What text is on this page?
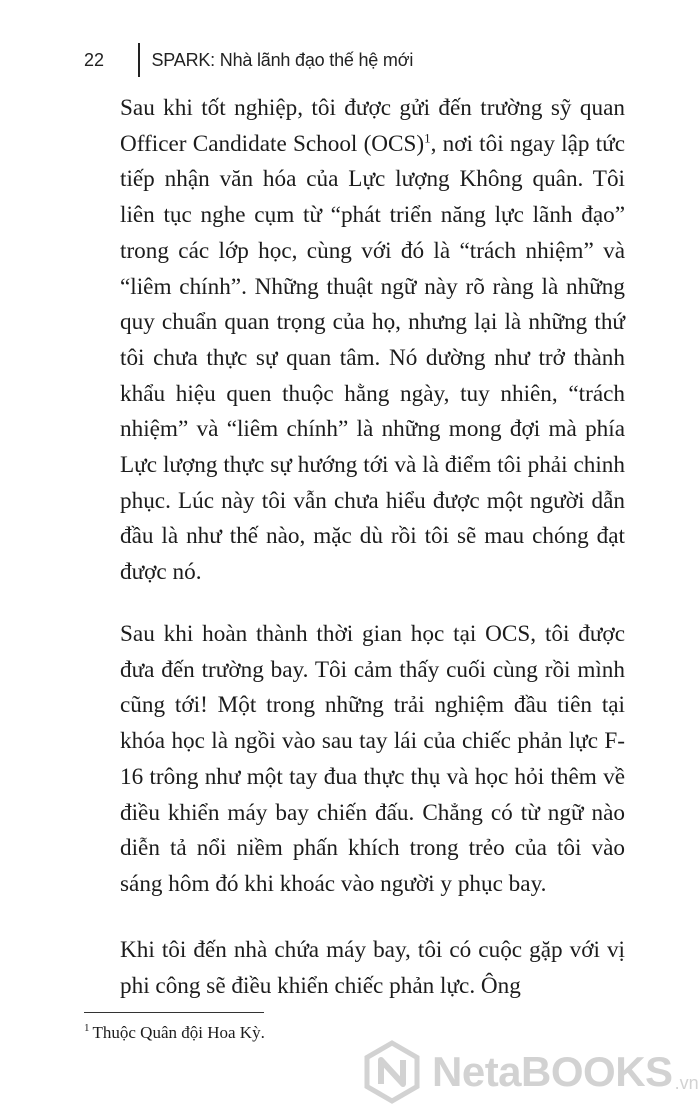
22	SPARK: Nhà lãnh đạo thế hệ mới

Sau khi tốt nghiệp, tôi được gửi đến trường sỹ quan Officer Candidate School (OCS)$^1$, nơi tôi ngay lập tức tiếp nhận văn hóa của Lực lượng Không quân. Tôi liên tục nghe cụm từ “phát triển năng lực lãnh đạo” trong các lớp học, cùng với đó là “trách nhiệm” và “liêm chính”. Những thuật ngữ này rõ ràng là những quy chuẩn quan trọng của họ, nhưng lại là những thứ tôi chưa thực sự quan tâm. Nó dường như trở thành khẩu hiệu quen thuộc hằng ngày, tuy nhiên, “trách nhiệm” và “liêm chính” là những mong đợi mà phía Lực lượng thực sự hướng tới và là điểm tôi phải chinh phục. Lúc này tôi vẫn chưa hiểu được một người dẫn đầu là như thế nào, mặc dù rồi tôi sẽ mau chóng đạt được nó.

Sau khi hoàn thành thời gian học tại OCS, tôi được đưa đến trường bay. Tôi cảm thấy cuối cùng rồi mình cũng tới! Một trong những trải nghiệm đầu tiên tại khóa học là ngồi vào sau tay lái của chiếc phản lực F-16 trông như một tay đua thực thụ và học hỏi thêm về điều khiển máy bay chiến đấu. Chẳng có từ ngữ nào diễn tả nổi niềm phấn khích trong trẻo của tôi vào sáng hôm đó khi khoác vào người y phục bay.

Khi tôi đến nhà chứa máy bay, tôi có cuộc gặp với vị phi công sẽ điều khiển chiếc phản lực. Ông

$^1$ Thuộc Quân đội Hoa Kỳ.
NetaBOOKS .vn
